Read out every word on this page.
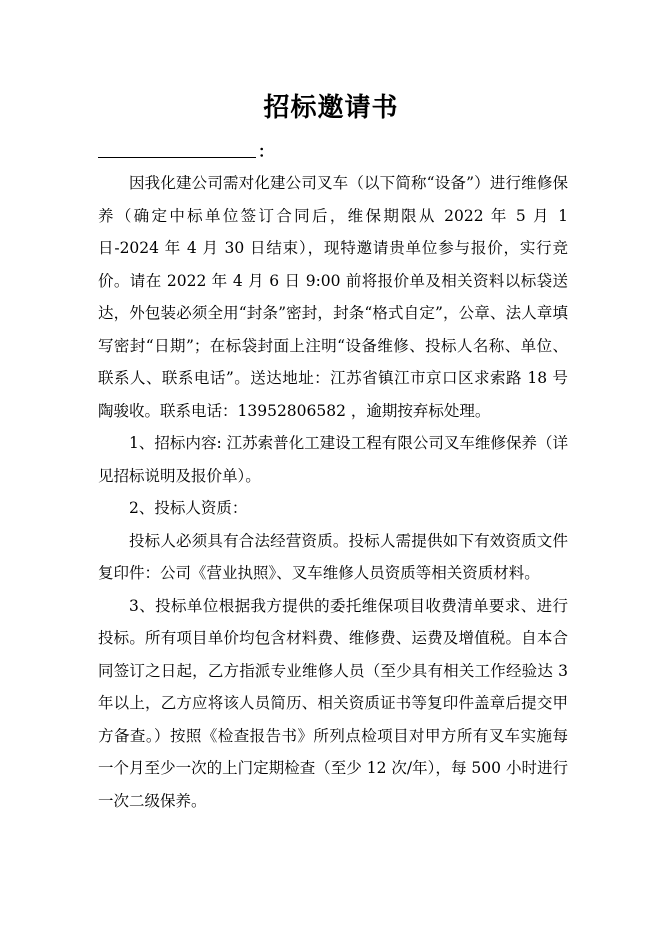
招标邀请书
：

因我化建公司需对化建公司叉车（以下简称“设备”）进行维修保养（确定中标单位签订合同后，维保期限从 2022 年 5 月 1 日-2024 年 4 月 30 日结束），现特邀请贵单位参与报价，实行竞价。请在 2022 年 4 月 6 日 9:00 前将报价单及相关资料以标袋送达，外包装必须全用“封条”密封，封条“格式自定”，公章、法人章填写密封“日期”；在标袋封面上注明“设备维修、投标人名称、单位、联系人、联系电话”。送达地址：江苏省镇江市京口区求索路 18 号 陶骏收。联系电话：13952806582 ，逾期按弃标处理。

1、招标内容: 江苏索普化工建设工程有限公司叉车维修保养（详见招标说明及报价单）。

2、投标人资质：

投标人必须具有合法经营资质。投标人需提供如下有效资质文件复印件：公司《营业执照》、叉车维修人员资质等相关资质材料。

3、投标单位根据我方提供的委托维保项目收费清单要求、进行投标。所有项目单价均包含材料费、维修费、运费及增值税。自本合同签订之日起，乙方指派专业维修人员（至少具有相关工作经验达 3 年以上，乙方应将该人员简历、相关资质证书等复印件盖章后提交甲方备查。）按照《检查报告书》所列点检项目对甲方所有叉车实施每一个月至少一次的上门定期检查（至少 12 次/年），每 500 小时进行一次二级保养。
